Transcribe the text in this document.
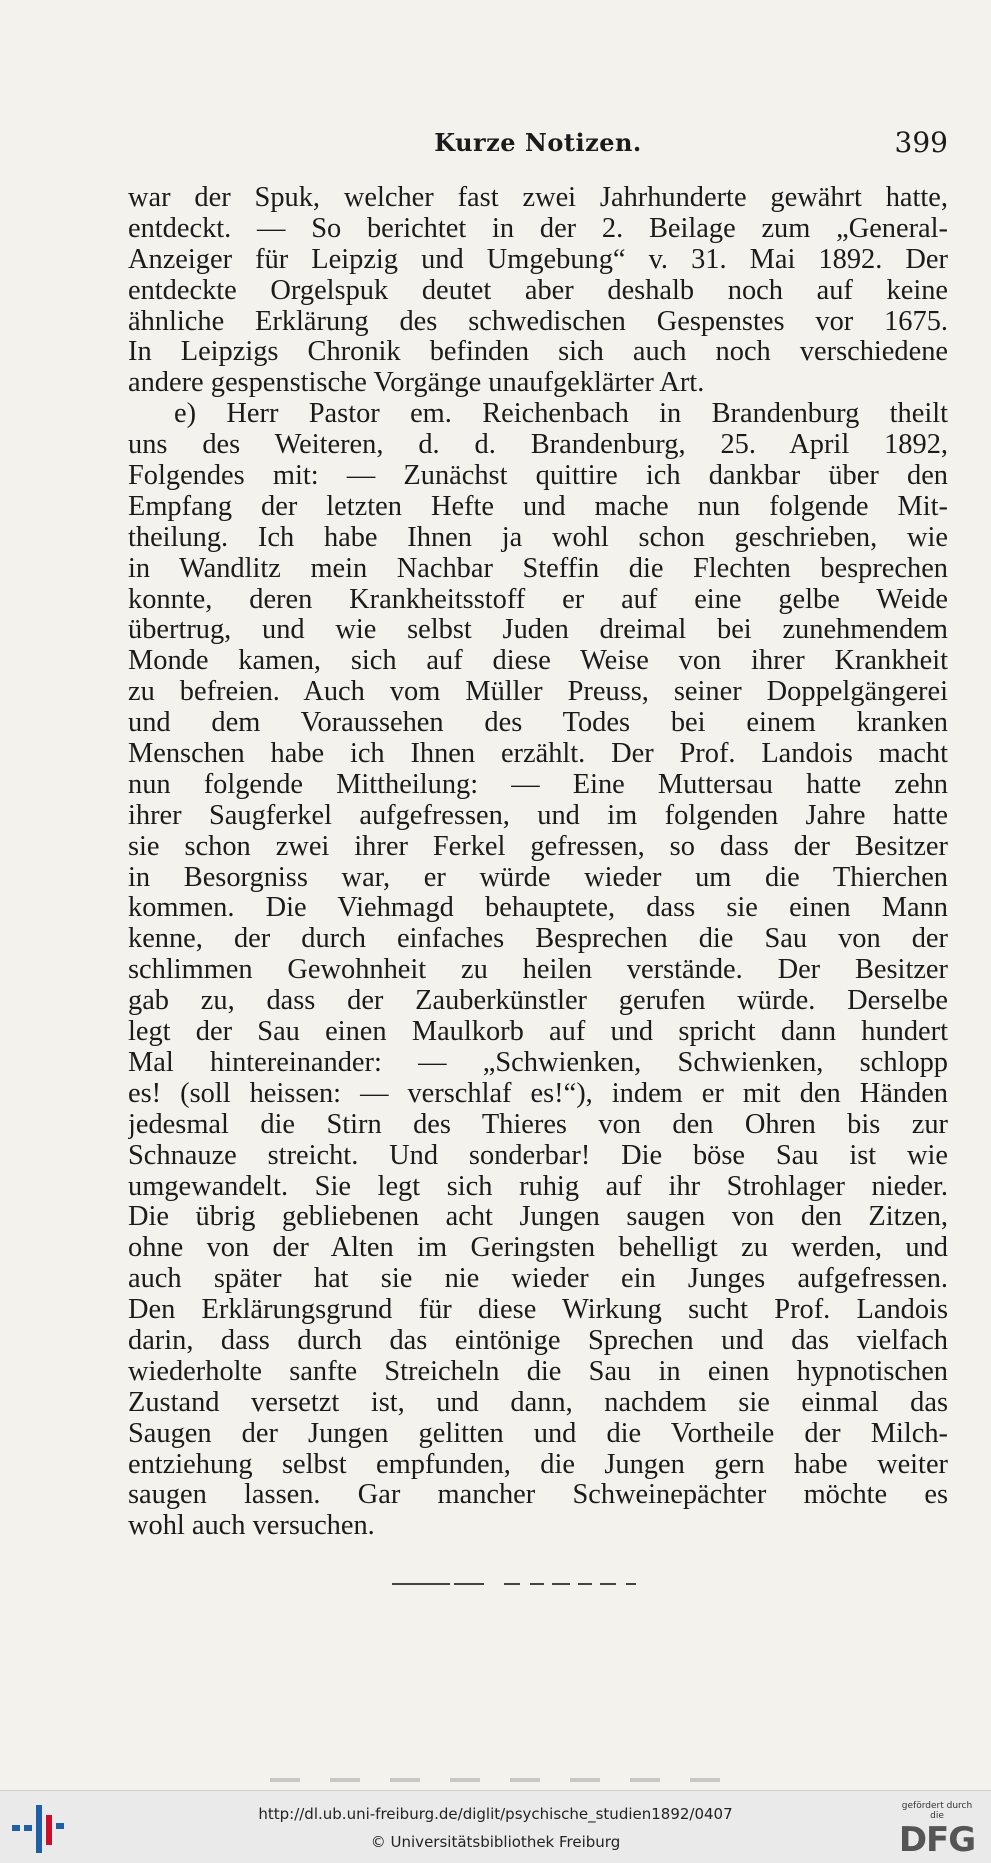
Kurze Notizen.	399
war der Spuk, welcher fast zwei Jahrhunderte gewährt hatte,
entdeckt. — So berichtet in der 2. Beilage zum „General-
Anzeiger für Leipzig und Umgebung“ v. 31. Mai 1892. Der
entdeckte Orgelspuk deutet aber deshalb noch auf keine
ähnliche Erklärung des schwedischen Gespenstes vor 1675.
In Leipzigs Chronik befinden sich auch noch verschiedene
andere gespenstische Vorgänge unaufgeklärter Art.
e) Herr Pastor em. Reichenbach in Brandenburg theilt
uns des Weiteren, d. d. Brandenburg, 25. April 1892,
Folgendes mit: — Zunächst quittire ich dankbar über den
Empfang der letzten Hefte und mache nun folgende Mit-
theilung. Ich habe Ihnen ja wohl schon geschrieben, wie
in Wandlitz mein Nachbar Steffin die Flechten besprechen
konnte, deren Krankheitsstoff er auf eine gelbe Weide
übertrug, und wie selbst Juden dreimal bei zunehmendem
Monde kamen, sich auf diese Weise von ihrer Krankheit
zu befreien. Auch vom Müller Preuss, seiner Doppelgängerei
und dem Voraussehen des Todes bei einem kranken
Menschen habe ich Ihnen erzählt. Der Prof. Landois macht
nun folgende Mittheilung: — Eine Muttersau hatte zehn
ihrer Saugferkel aufgefressen, und im folgenden Jahre hatte
sie schon zwei ihrer Ferkel gefressen, so dass der Besitzer
in Besorgniss war, er würde wieder um die Thierchen
kommen. Die Viehmagd behauptete, dass sie einen Mann
kenne, der durch einfaches Besprechen die Sau von der
schlimmen Gewohnheit zu heilen verstände. Der Besitzer
gab zu, dass der Zauberkünstler gerufen würde. Derselbe
legt der Sau einen Maulkorb auf und spricht dann hundert
Mal hintereinander: — „Schwienken, Schwienken, schlopp
es! (soll heissen: — verschlaf es!“), indem er mit den Händen
jedesmal die Stirn des Thieres von den Ohren bis zur
Schnauze streicht. Und sonderbar! Die böse Sau ist wie
umgewandelt. Sie legt sich ruhig auf ihr Strohlager nieder.
Die übrig gebliebenen acht Jungen saugen von den Zitzen,
ohne von der Alten im Geringsten behelligt zu werden, und
auch später hat sie nie wieder ein Junges aufgefressen.
Den Erklärungsgrund für diese Wirkung sucht Prof. Landois
darin, dass durch das eintönige Sprechen und das vielfach
wiederholte sanfte Streicheln die Sau in einen hypnotischen
Zustand versetzt ist, und dann, nachdem sie einmal das
Saugen der Jungen gelitten und die Vortheile der Milch-
entziehung selbst empfunden, die Jungen gern habe weiter
saugen lassen. Gar mancher Schweinepächter möchte es
wohl auch versuchen.
http://dl.ub.uni-freiburg.de/diglit/psychische_studien1892/0407
© Universitätsbibliothek Freiburg
gefördert durch die
DFG
